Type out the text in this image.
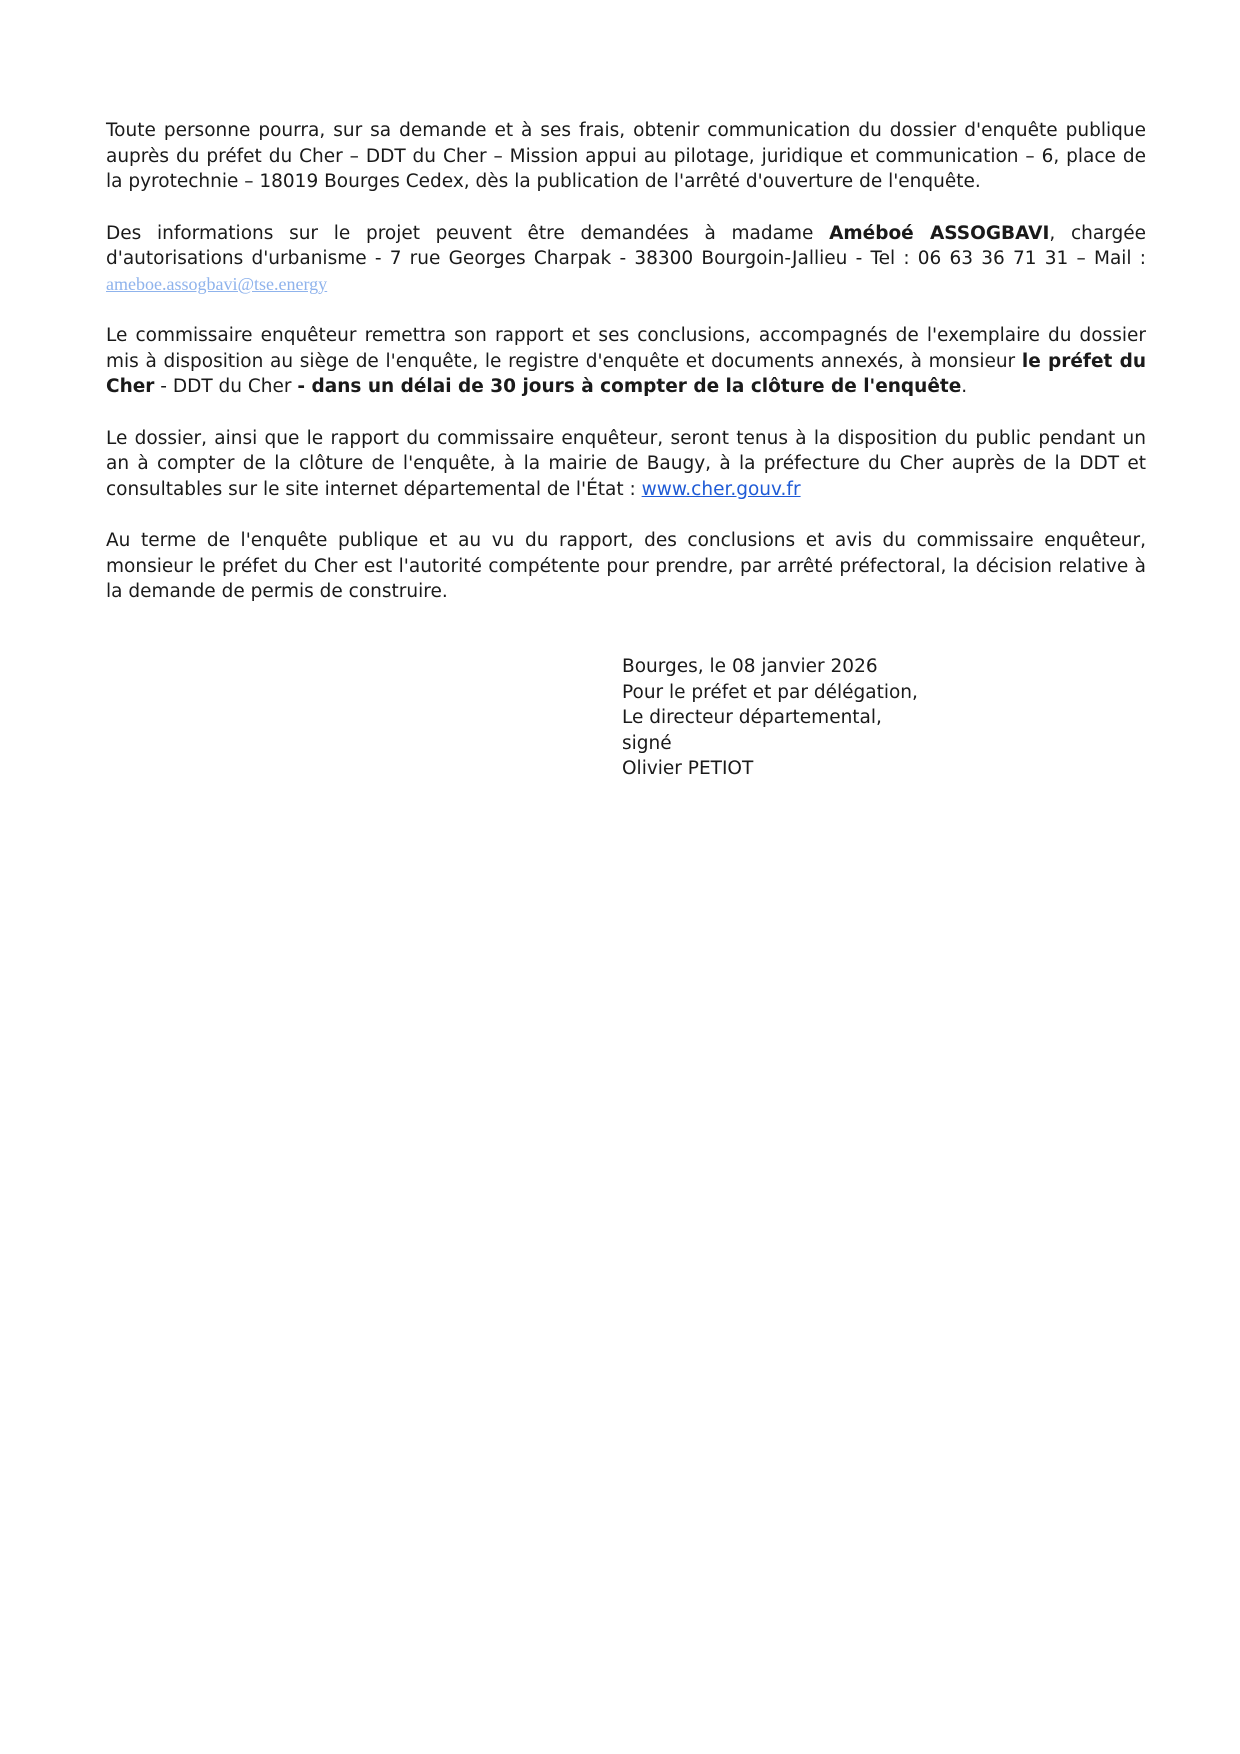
Toute personne pourra, sur sa demande et à ses frais, obtenir communication du dossier d'enquête publique auprès du préfet du Cher – DDT du Cher – Mission appui au pilotage, juridique et communication – 6, place de la pyrotechnie – 18019 Bourges Cedex, dès la publication de l'arrêté d'ouverture de l'enquête.

Des informations sur le projet peuvent être demandées à madame Améboé ASSOGBAVI, chargée d'autorisations d'urbanisme - 7 rue Georges Charpak - 38300 Bourgoin-Jallieu - Tel : 06 63 36 71 31 – Mail : ameboe.assogbavi@tse.energy

Le commissaire enquêteur remettra son rapport et ses conclusions, accompagnés de l'exemplaire du dossier mis à disposition au siège de l'enquête, le registre d'enquête et documents annexés, à monsieur le préfet du Cher - DDT du Cher - dans un délai de 30 jours à compter de la clôture de l'enquête.

Le dossier, ainsi que le rapport du commissaire enquêteur, seront tenus à la disposition du public pendant un an à compter de la clôture de l'enquête, à la mairie de Baugy, à la préfecture du Cher auprès de la DDT et consultables sur le site internet départemental de l'État : www.cher.gouv.fr

Au terme de l'enquête publique et au vu du rapport, des conclusions et avis du commissaire enquêteur, monsieur le préfet du Cher est l'autorité compétente pour prendre, par arrêté préfectoral, la décision relative à la demande de permis de construire.

Bourges, le 08 janvier 2026
Pour le préfet et par délégation,
Le directeur départemental,
signé
Olivier PETIOT
